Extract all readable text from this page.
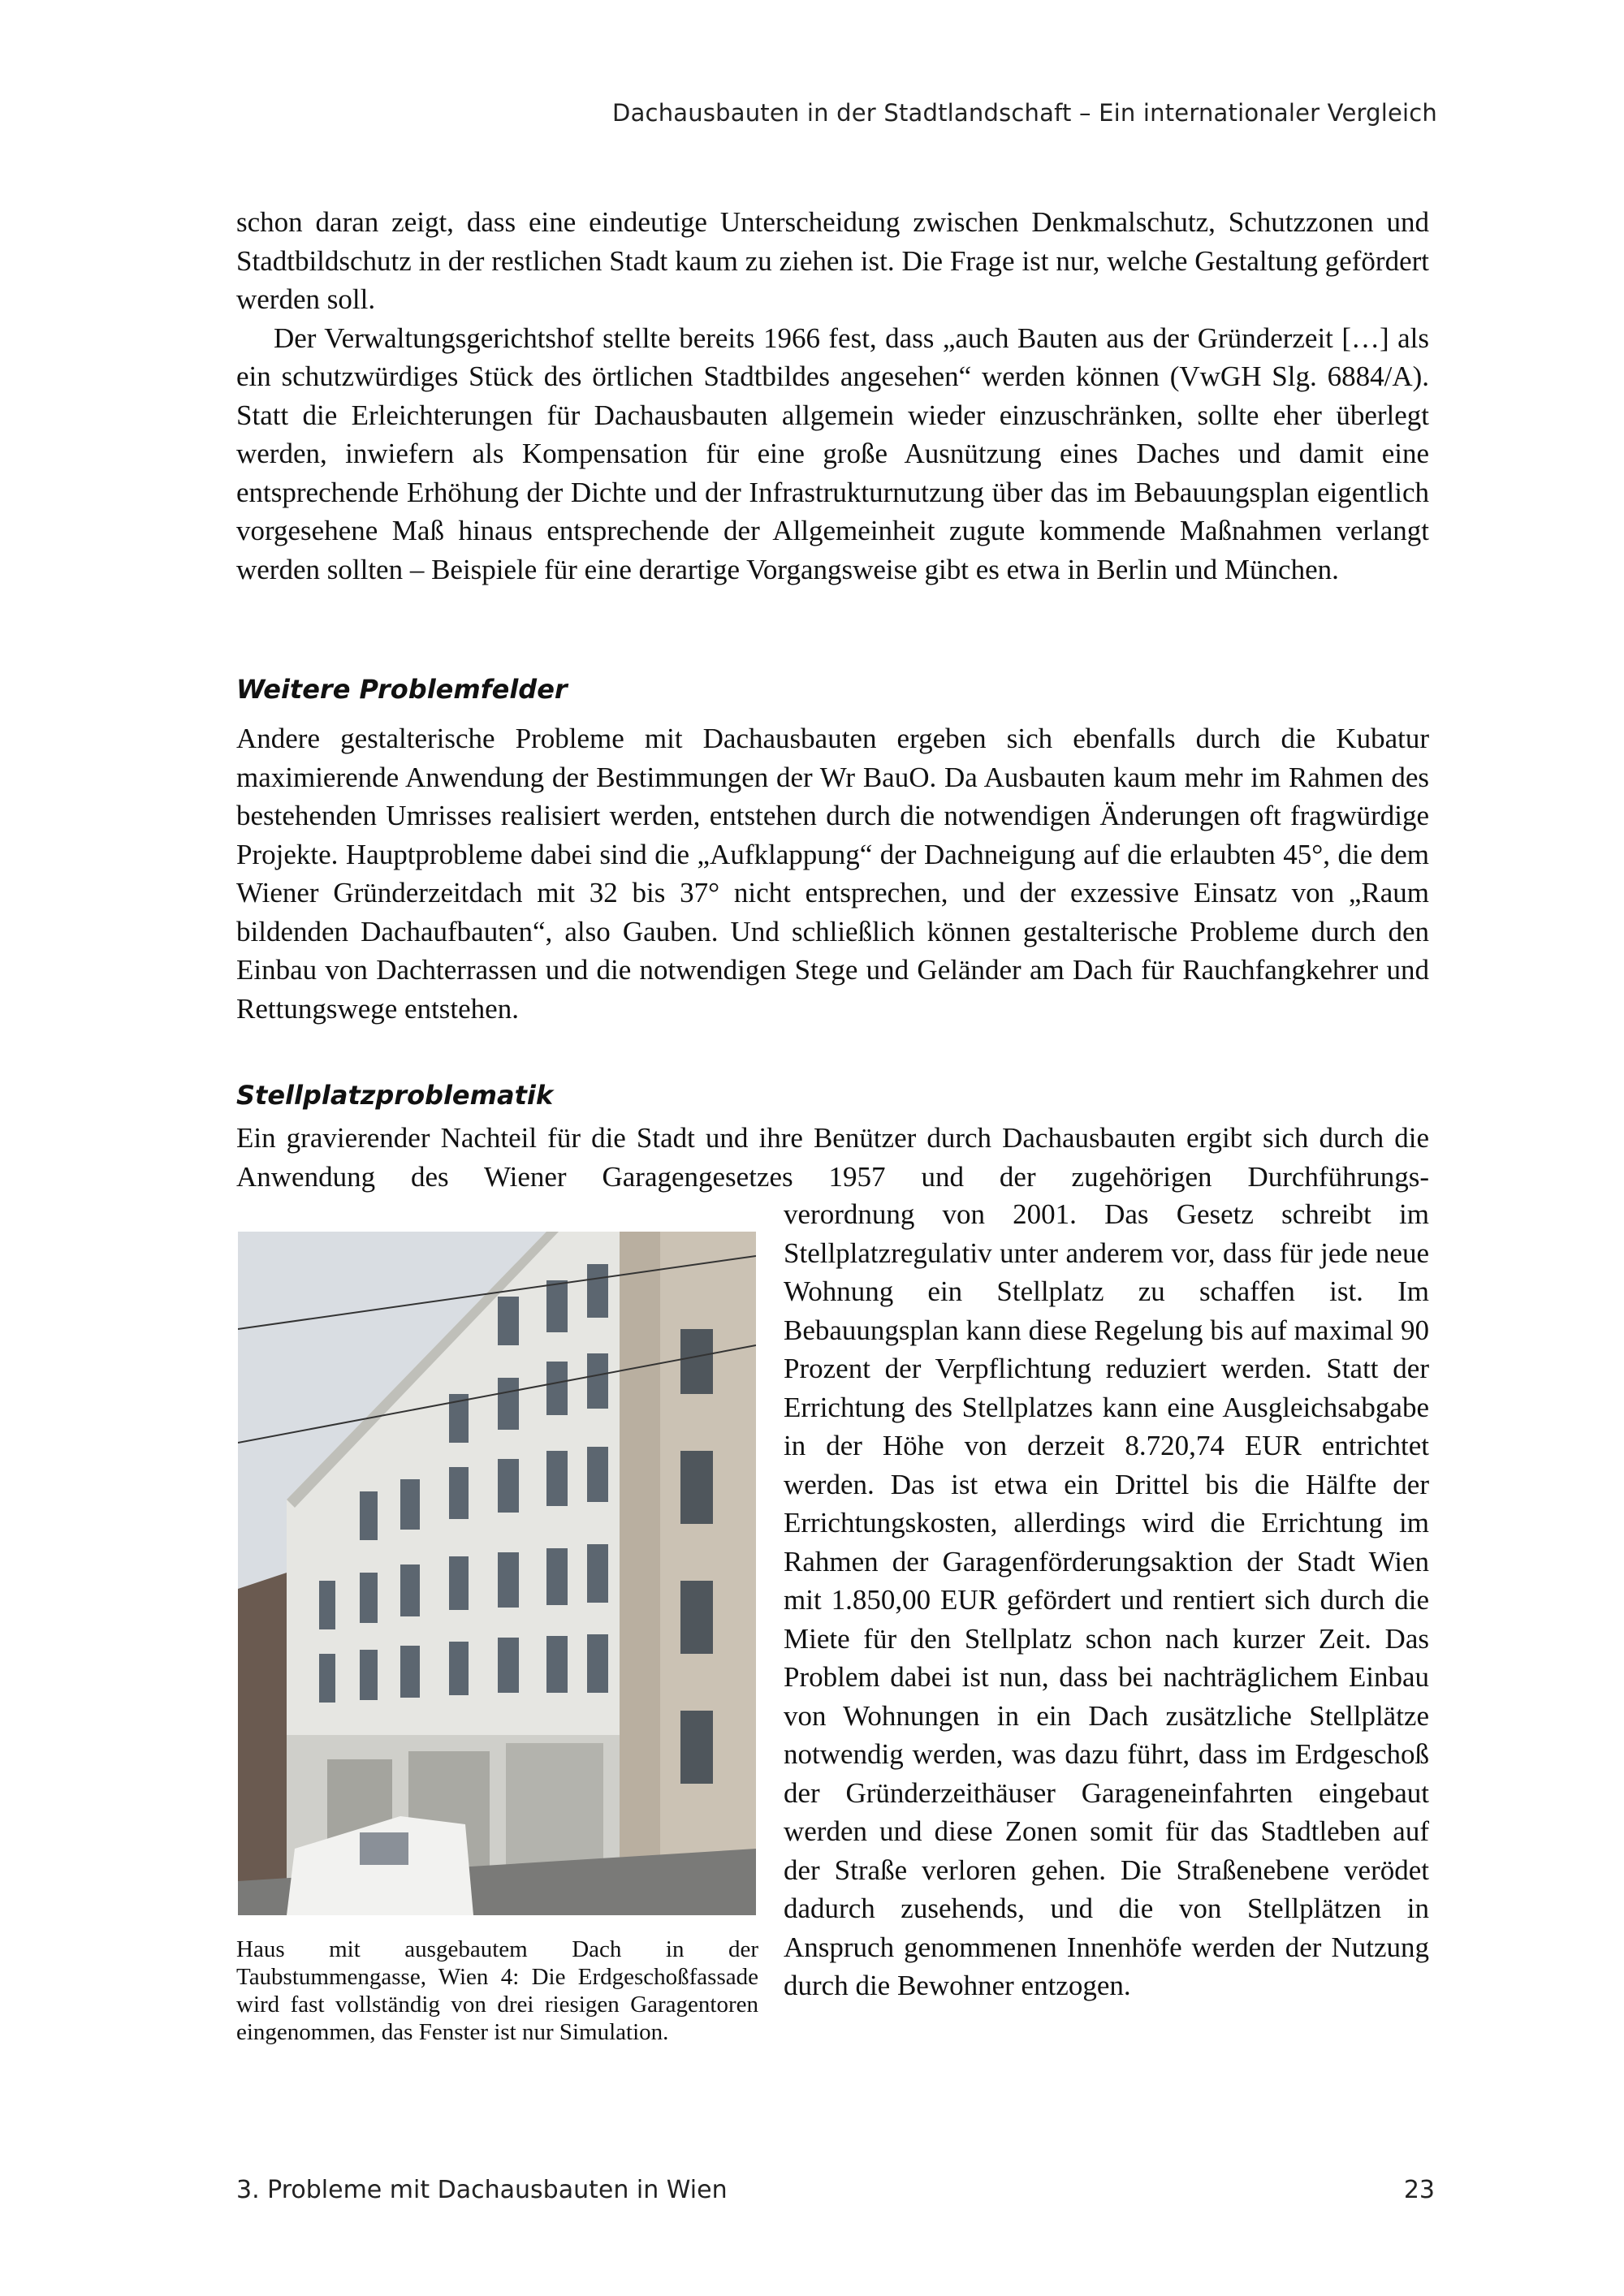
Dachausbauten in der Stadtlandschaft – Ein internationaler Vergleich

schon daran zeigt, dass eine eindeutige Unterscheidung zwischen Denkmalschutz, Schutzzonen und Stadtbildschutz in der restlichen Stadt kaum zu ziehen ist. Die Frage ist nur, welche Gestaltung gefördert werden soll.

Der Verwaltungsgerichtshof stellte bereits 1966 fest, dass „auch Bauten aus der Gründerzeit […] als ein schutzwürdiges Stück des örtlichen Stadtbildes angesehen“ werden können (VwGH Slg. 6884/A). Statt die Erleichterungen für Dachausbauten allgemein wieder einzuschränken, sollte eher überlegt werden, inwiefern als Kompensation für eine große Ausnützung eines Daches und damit eine entsprechende Erhöhung der Dichte und der Infrastrukturnutzung über das im Bebauungsplan eigentlich vorgesehene Maß hinaus entsprechende der Allgemeinheit zugute kommende Maßnahmen verlangt werden sollten – Beispiele für eine derartige Vorgangsweise gibt es etwa in Berlin und München.

Weitere Problemfelder

Andere gestalterische Probleme mit Dachausbauten ergeben sich ebenfalls durch die Kubatur maximierende Anwendung der Bestimmungen der Wr BauO. Da Ausbauten kaum mehr im Rahmen des bestehenden Umrisses realisiert werden, entstehen durch die notwendigen Änderungen oft fragwürdige Projekte. Hauptprobleme dabei sind die „Aufklappung“ der Dachneigung auf die erlaubten 45°, die dem Wiener Gründerzeitdach mit 32 bis 37° nicht entsprechen, und der exzessive Einsatz von „Raum bildenden Dachaufbauten“, also Gauben. Und schließlich können gestalterische Probleme durch den Einbau von Dachterrassen und die notwendigen Stege und Geländer am Dach für Rauchfangkehrer und Rettungswege entstehen.

Stellplatzproblematik

Ein gravierender Nachteil für die Stadt und ihre Benützer durch Dachausbauten ergibt sich durch die Anwendung des Wiener Garagengesetzes 1957 und der zugehörigen Durchführungs-

Haus mit ausgebautem Dach in der Taubstummengasse, Wien 4: Die Erdgeschoßfassade wird fast vollständig von drei riesigen Garagentoren eingenommen, das Fenster ist nur Simulation.

verordnung von 2001. Das Gesetz schreibt im Stellplatzregulativ unter anderem vor, dass für jede neue Wohnung ein Stellplatz zu schaffen ist. Im Bebauungsplan kann diese Regelung bis auf maximal 90 Prozent der Verpflichtung reduziert werden. Statt der Errichtung des Stellplatzes kann eine Ausgleichsabgabe in der Höhe von derzeit 8.720,74 EUR entrichtet werden. Das ist etwa ein Drittel bis die Hälfte der Errichtungskosten, allerdings wird die Errichtung im Rahmen der Garagenförderungsaktion der Stadt Wien mit 1.850,00 EUR gefördert und rentiert sich durch die Miete für den Stellplatz schon nach kurzer Zeit. Das Problem dabei ist nun, dass bei nachträglichem Einbau von Wohnungen in ein Dach zusätzliche Stellplätze notwendig werden, was dazu führt, dass im Erdgeschoß der Gründerzeithäuser Garageneinfahrten eingebaut werden und diese Zonen somit für das Stadtleben auf der Straße verloren gehen. Die Straßenebene verödet dadurch zusehends, und die von Stellplätzen in Anspruch genommenen Innenhöfe werden der Nutzung durch die Bewohner entzogen.

3. Probleme mit Dachausbauten in Wien	23
